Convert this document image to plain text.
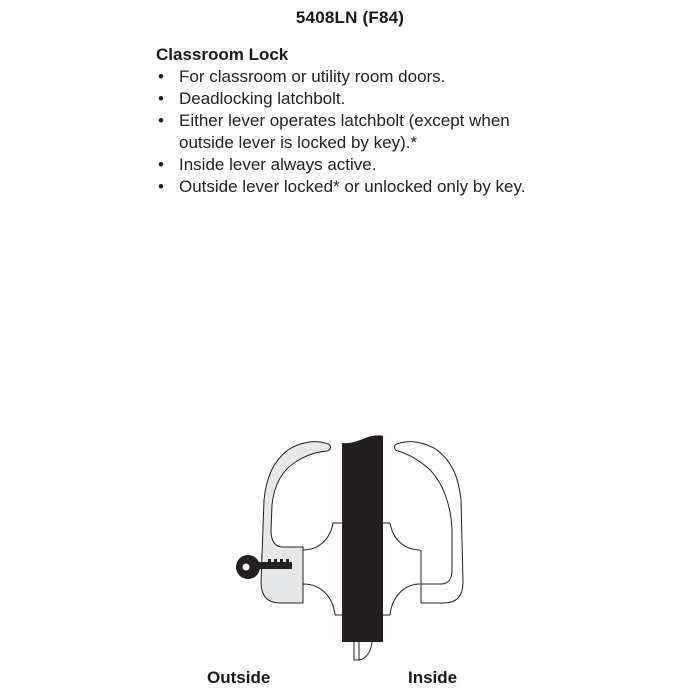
5408LN (F84)
Classroom Lock
• For classroom or utility room doors.
• Deadlocking latchbolt.
• Either lever operates latchbolt (except when outside lever is locked by key).*
• Inside lever always active.
• Outside lever locked* or unlocked only by key.
Outside	Inside
